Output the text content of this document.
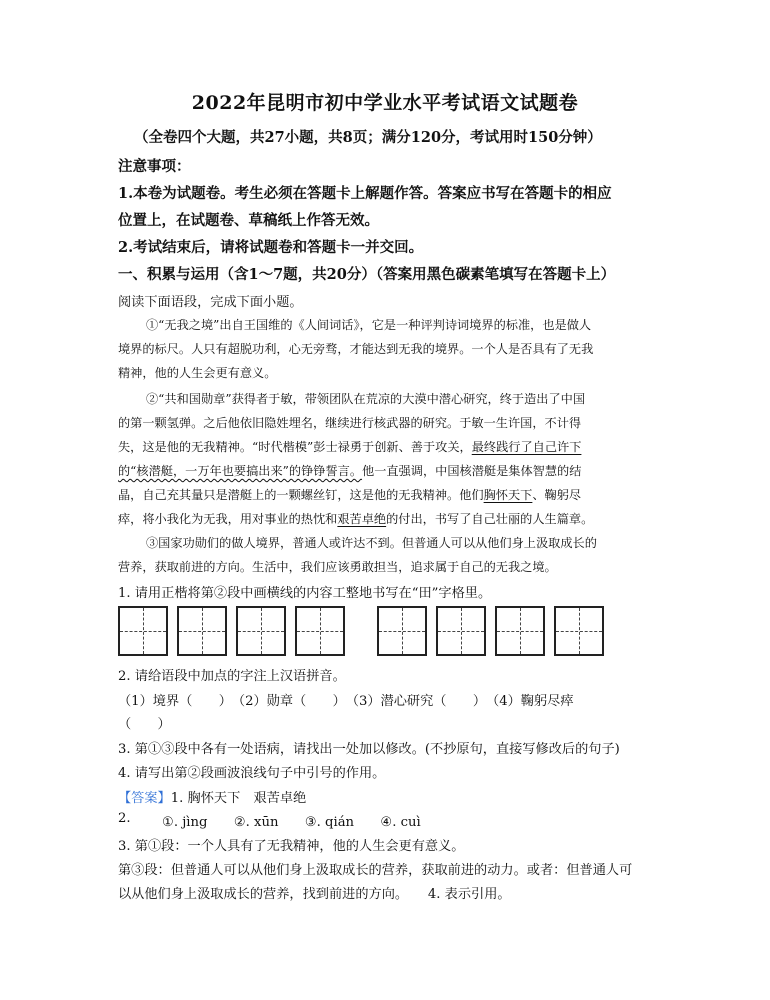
2022年昆明市初中学业水平考试语文试题卷
（全卷四个大题，共27小题，共8页；满分120分，考试用时150分钟）
注意事项：
1.本卷为试题卷。考生必须在答题卡上解题作答。答案应书写在答题卡的相应
位置上，在试题卷、草稿纸上作答无效。
2.考试结束后，请将试题卷和答题卡一并交回。
一、积累与运用（含1～7题，共20分）（答案用黑色碳素笔填写在答题卡上）
阅读下面语段，完成下面小题。
①“无我之境”出自王国维的《人间词话》，它是一种评判诗词境界的标准，也是做人
境界的标尺。人只有超脱功利，心无旁骛，才能达到无我的境界。一个人是否具有了无我
精神，他的人生会更有意义。
②“共和国勋章”获得者于敏，带领团队在荒凉的大漠中潜心研究，终于造出了中国
的第一颗氢弹。之后他依旧隐姓埋名，继续进行核武器的研究。于敏一生许国，不计得
失，这是他的无我精神。“时代楷模”彭士禄勇于创新、善于攻关，最终践行了自己许下
的“核潜艇，一万年也要搞出来”的铮铮誓言。他一直强调，中国核潜艇是集体智慧的结
晶，自己充其量只是潜艇上的一颗螺丝钉，这是他的无我精神。他们胸怀天下、鞠躬尽
瘁，将小我化为无我，用对事业的热忱和艰苦卓绝的付出，书写了自己壮丽的人生篇章。
③国家功勋们的做人境界，普通人或许达不到。但普通人可以从他们身上汲取成长的
营养，获取前进的方向。生活中，我们应该勇敢担当，追求属于自己的无我之境。
1. 请用正楷将第②段中画横线的内容工整地书写在“田”字格里。
2. 请给语段中加点的字注上汉语拼音。
（1）境界（　　）　（2）勋章（　　）　（3）潜心研究（　　）　（4）鞠躬尽瘁
（　　）
3. 第①③段中各有一处语病，请找出一处加以修改。(不抄原句，直接写修改后的句子)
4. 请写出第②段画波浪线句子中引号的作用。
【答案】1. 胸怀天下　艰苦卓绝
2. ①. jìng　　②. xūn　　③. qián　　④. cuì
3. 第①段：一个人具有了无我精神，他的人生会更有意义。
第③段：但普通人可以从他们身上汲取成长的营养，获取前进的动力。或者：但普通人可
以从他们身上汲取成长的营养，找到前进的方向。　　4. 表示引用。
